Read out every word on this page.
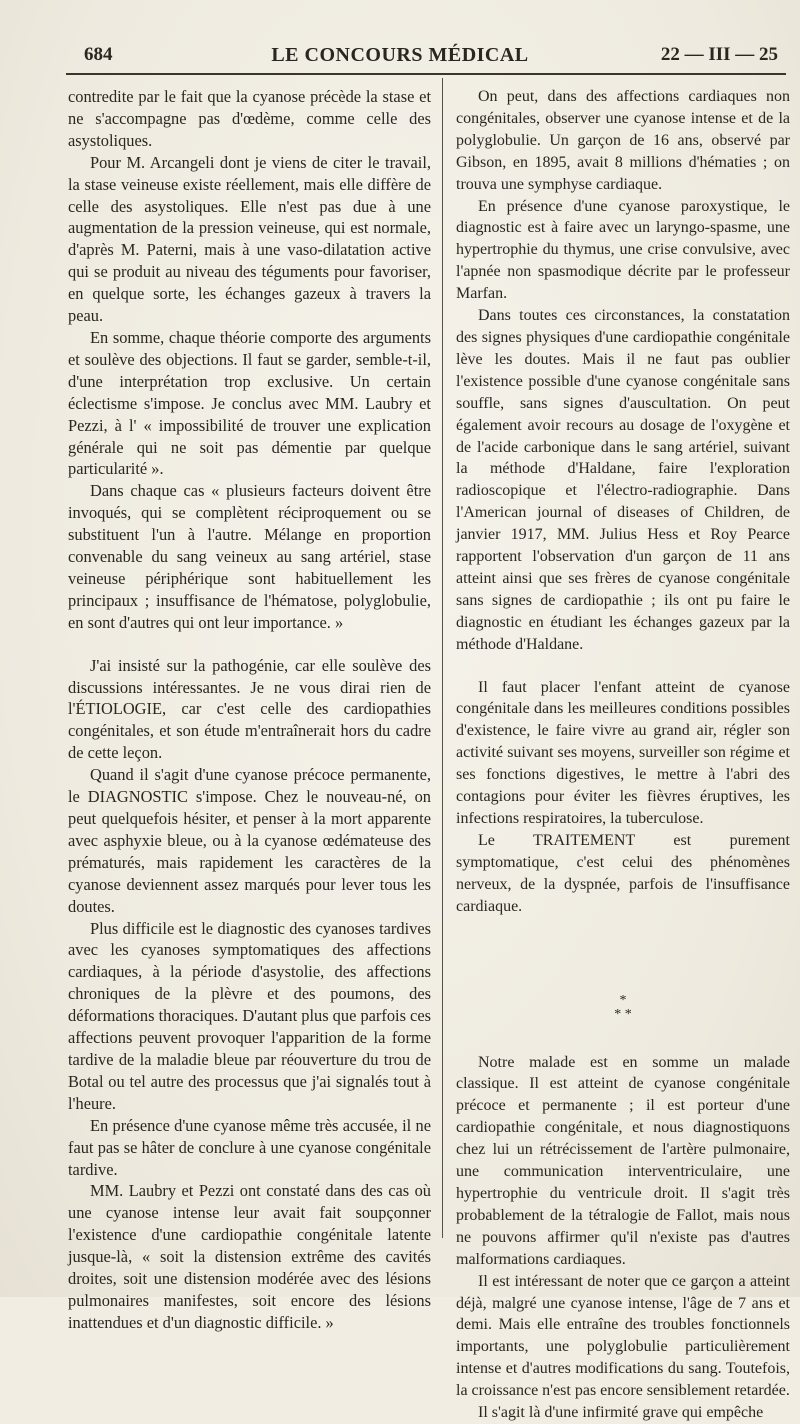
684	LE CONCOURS MÉDICAL	22 — III — 25

contredite par le fait que la cyanose précède la stase et ne s'accompagne pas d'œdème, comme celle des asystoliques.

Pour M. Arcangeli dont je viens de citer le travail, la stase veineuse existe réellement, mais elle diffère de celle des asystoliques. Elle n'est pas due à une augmentation de la pression veineuse, qui est normale, d'après M. Paterni, mais à une vaso-dilatation active qui se produit au niveau des téguments pour favoriser, en quelque sorte, les échanges gazeux à travers la peau.

En somme, chaque théorie comporte des arguments et soulève des objections. Il faut se garder, semble-t-il, d'une interprétation trop exclusive. Un certain éclectisme s'impose. Je conclus avec MM. Laubry et Pezzi, à l' « impossibilité de trouver une explication générale qui ne soit pas démentie par quelque particularité ».

Dans chaque cas « plusieurs facteurs doivent être invoqués, qui se complètent réciproquement ou se substituent l'un à l'autre. Mélange en proportion convenable du sang veineux au sang artériel, stase veineuse périphérique sont habituellement les principaux ; insuffisance de l'hématose, polyglobulie, en sont d'autres qui ont leur importance. »

J'ai insisté sur la pathogénie, car elle soulève des discussions intéressantes. Je ne vous dirai rien de l'ÉTIOLOGIE, car c'est celle des cardiopathies congénitales, et son étude m'entraînerait hors du cadre de cette leçon.

Quand il s'agit d'une cyanose précoce permanente, le DIAGNOSTIC s'impose. Chez le nouveau-né, on peut quelquefois hésiter, et penser à la mort apparente avec asphyxie bleue, ou à la cyanose œdémateuse des prématurés, mais rapidement les caractères de la cyanose deviennent assez marqués pour lever tous les doutes.

Plus difficile est le diagnostic des cyanoses tardives avec les cyanoses symptomatiques des affections cardiaques, à la période d'asystolie, des affections chroniques de la plèvre et des poumons, des déformations thoraciques. D'autant plus que parfois ces affections peuvent provoquer l'apparition de la forme tardive de la maladie bleue par réouverture du trou de Botal ou tel autre des processus que j'ai signalés tout à l'heure.

En présence d'une cyanose même très accusée, il ne faut pas se hâter de conclure à une cyanose congénitale tardive.

MM. Laubry et Pezzi ont constaté dans des cas où une cyanose intense leur avait fait soupçonner l'existence d'une cardiopathie congénitale latente jusque-là, « soit la distension extrême des cavités droites, soit une distension modérée avec des lésions pulmonaires manifestes, soit encore des lésions inattendues et d'un diagnostic difficile. »

On peut, dans des affections cardiaques non congénitales, observer une cyanose intense et de la polyglobulie. Un garçon de 16 ans, observé par Gibson, en 1895, avait 8 millions d'hématies ; on trouva une symphyse cardiaque.

En présence d'une cyanose paroxystique, le diagnostic est à faire avec un laryngo-spasme, une hypertrophie du thymus, une crise convulsive, avec l'apnée non spasmodique décrite par le professeur Marfan.

Dans toutes ces circonstances, la constatation des signes physiques d'une cardiopathie congénitale lève les doutes. Mais il ne faut pas oublier l'existence possible d'une cyanose congénitale sans souffle, sans signes d'auscultation. On peut également avoir recours au dosage de l'oxygène et de l'acide carbonique dans le sang artériel, suivant la méthode d'Haldane, faire l'exploration radioscopique et l'électro-radiographie. Dans l'American journal of diseases of Children, de janvier 1917, MM. Julius Hess et Roy Pearce rapportent l'observation d'un garçon de 11 ans atteint ainsi que ses frères de cyanose congénitale sans signes de cardiopathie ; ils ont pu faire le diagnostic en étudiant les échanges gazeux par la méthode d'Haldane.

Il faut placer l'enfant atteint de cyanose congénitale dans les meilleures conditions possibles d'existence, le faire vivre au grand air, régler son activité suivant ses moyens, surveiller son régime et ses fonctions digestives, le mettre à l'abri des contagions pour éviter les fièvres éruptives, les infections respiratoires, la tuberculose.

Le TRAITEMENT est purement symptomatique, c'est celui des phénomènes nerveux, de la dyspnée, parfois de l'insuffisance cardiaque.

*
* *

Notre malade est en somme un malade classique. Il est atteint de cyanose congénitale précoce et permanente ; il est porteur d'une cardiopathie congénitale, et nous diagnostiquons chez lui un rétrécissement de l'artère pulmonaire, une communication interventriculaire, une hypertrophie du ventricule droit. Il s'agit très probablement de la tétralogie de Fallot, mais nous ne pouvons affirmer qu'il n'existe pas d'autres malformations cardiaques.

Il est intéressant de noter que ce garçon a atteint déjà, malgré une cyanose intense, l'âge de 7 ans et demi. Mais elle entraîne des troubles fonctionnels importants, une polyglobulie particulièrement intense et d'autres modifications du sang. Toutefois, la croissance n'est pas encore sensiblement retardée.

Il s'agit là d'une infirmité grave qui empêche
